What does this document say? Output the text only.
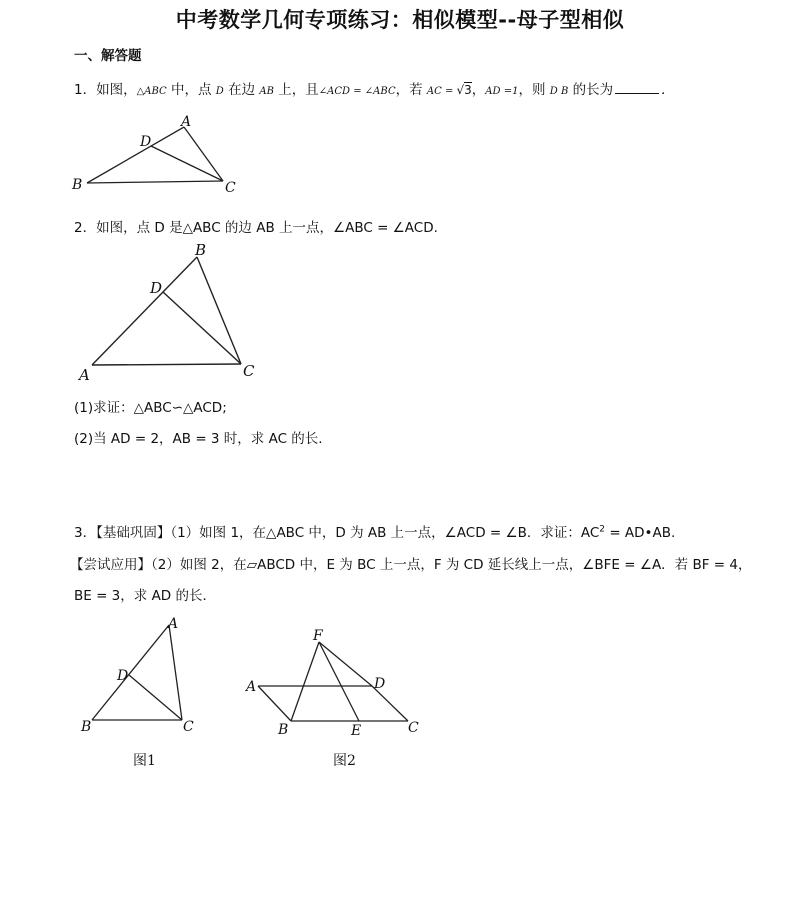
中考数学几何专项练习：相似模型--母子型相似
一、解答题
1．如图，△ABC 中，点 D 在边 AB 上，且∠ACD = ∠ABC，若 AC = √3，AD =1，则 D B 的长为	．
A
D
B	C
2．如图，点 D 是△ABC 的边 AB 上一点，∠ABC = ∠ACD.
B
D
A	C
(1)求证：△ABC∽△ACD;
(2)当 AD = 2，AB = 3 时，求 AC 的长.
3．【基础巩固】（1）如图 1，在△ABC 中，D 为 AB 上一点，∠ACD = ∠B．求证：$AC^2$ = AD•AB.
【尝试应用】（2）如图 2，在▱ABCD 中，E 为 BC 上一点，F 为 CD 延长线上一点，∠BFE = ∠A．若 BF = 4，
BE = 3，求 AD 的长．
A
D
B	C
图1
F
A	D
B	E	C
图2
